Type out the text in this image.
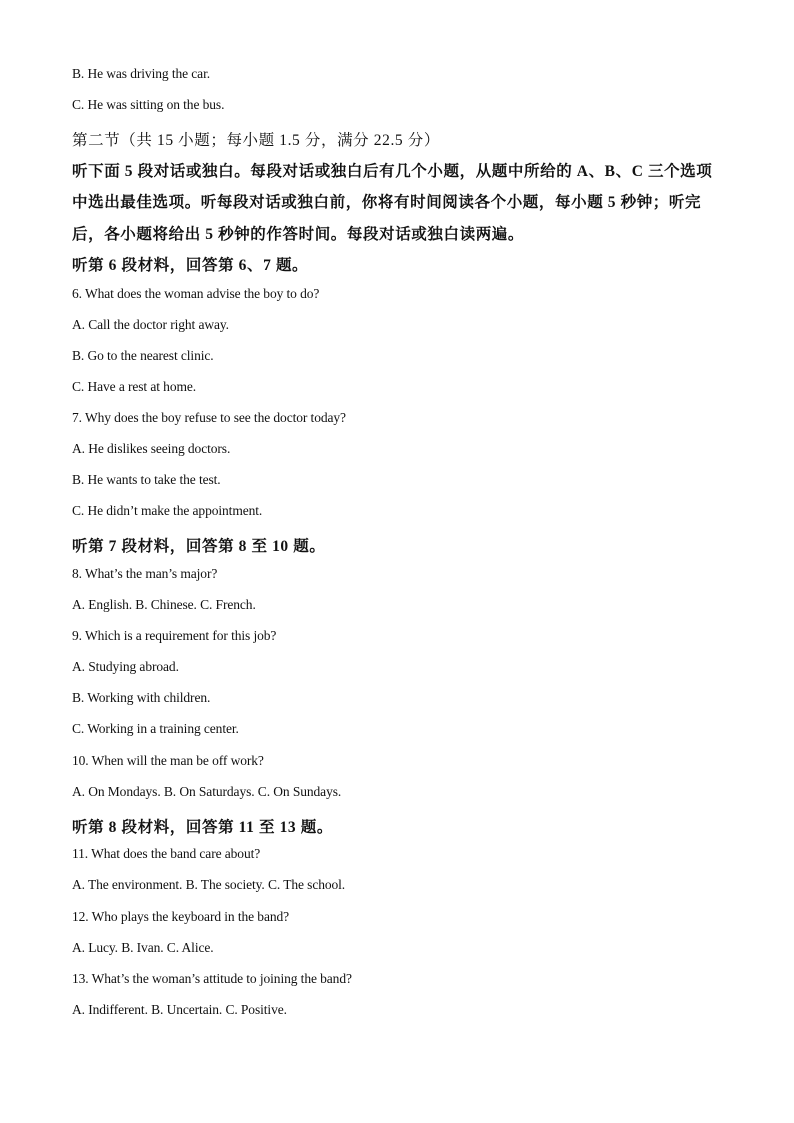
B. He was driving the car.
C. He was sitting on the bus.
第二节（共 15 小题；每小题 1.5 分，满分 22.5 分）
听下面 5 段对话或独白。每段对话或独白后有几个小题，从题中所给的 A、B、C 三个选项
中选出最佳选项。听每段对话或独白前，你将有时间阅读各个小题，每小题 5 秒钟；听完
后，各小题将给出 5 秒钟的作答时间。每段对话或独白读两遍。
听第 6 段材料，回答第 6、7 题。
6. What does the woman advise the boy to do?
A. Call the doctor right away.
B. Go to the nearest clinic.
C. Have a rest at home.
7. Why does the boy refuse to see the doctor today?
A. He dislikes seeing doctors.
B. He wants to take the test.
C. He didn’t make the appointment.
听第 7 段材料，回答第 8 至 10 题。
8. What’s the man’s major?
A. English. B. Chinese. C. French.
9. Which is a requirement for this job?
A. Studying abroad.
B. Working with children.
C. Working in a training center.
10. When will the man be off work?
A. On Mondays. B. On Saturdays. C. On Sundays.
听第 8 段材料，回答第 11 至 13 题。
11. What does the band care about?
A. The environment. B. The society. C. The school.
12. Who plays the keyboard in the band?
A. Lucy. B. Ivan. C. Alice.
13. What’s the woman’s attitude to joining the band?
A. Indifferent. B. Uncertain. C. Positive.
